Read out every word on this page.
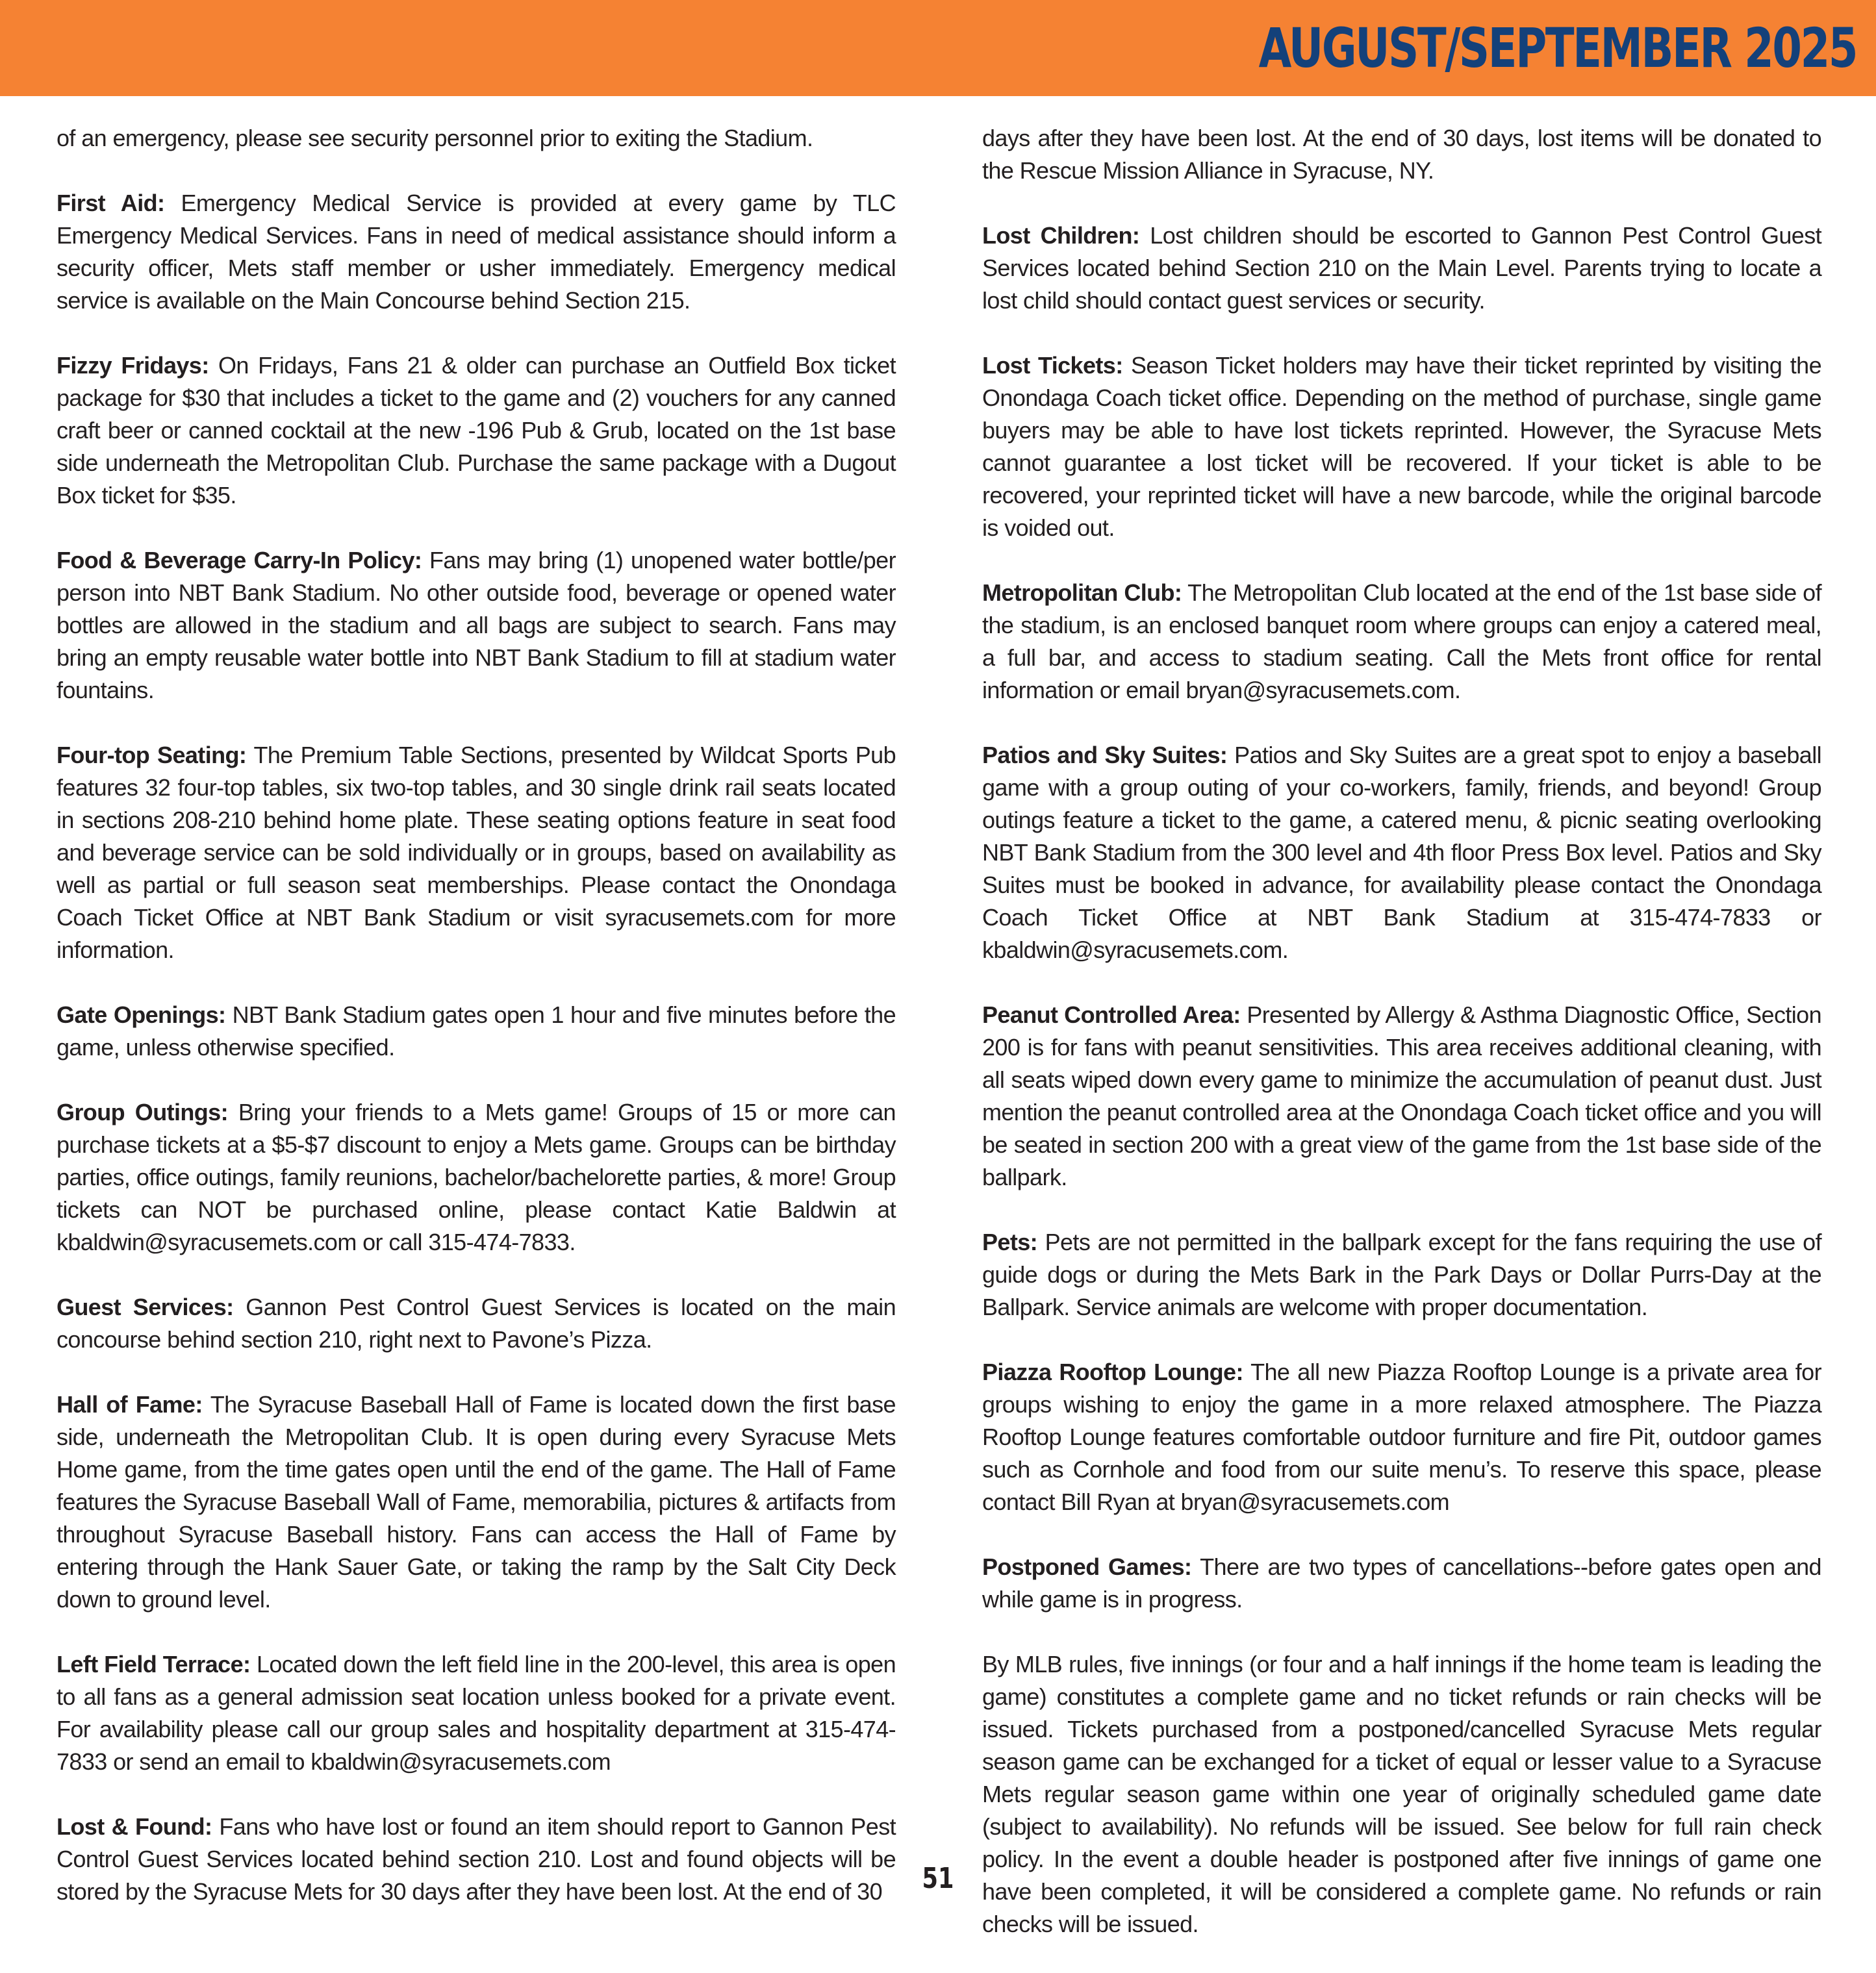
AUGUST/SEPTEMBER 2025

of an emergency, please see security personnel prior to exiting the Stadium.

First Aid: Emergency Medical Service is provided at every game by TLC Emergency Medical Services. Fans in need of medical assistance should inform a security officer, Mets staff member or usher immediately. Emergency medical service is available on the Main Concourse behind Section 215.

Fizzy Fridays: On Fridays, Fans 21 & older can purchase an Outfield Box ticket package for $30 that includes a ticket to the game and (2) vouchers for any canned craft beer or canned cocktail at the new -196 Pub & Grub, located on the 1st base side underneath the Metropolitan Club. Purchase the same package with a Dugout Box ticket for $35.

Food & Beverage Carry-In Policy: Fans may bring (1) unopened water bottle/per person into NBT Bank Stadium. No other outside food, beverage or opened water bottles are allowed in the stadium and all bags are subject to search. Fans may bring an empty reusable water bottle into NBT Bank Stadium to fill at stadium water fountains.

Four-top Seating: The Premium Table Sections, presented by Wildcat Sports Pub features 32 four-top tables, six two-top tables, and 30 single drink rail seats located in sections 208-210 behind home plate. These seating options feature in seat food and beverage service can be sold individually or in groups, based on availability as well as partial or full season seat memberships. Please contact the Onondaga Coach Ticket Office at NBT Bank Stadium or visit syracusemets.com for more information.

Gate Openings: NBT Bank Stadium gates open 1 hour and five minutes before the game, unless otherwise specified.

Group Outings: Bring your friends to a Mets game! Groups of 15 or more can purchase tickets at a $5-$7 discount to enjoy a Mets game. Groups can be birthday parties, office outings, family reunions, bachelor/bachelorette parties, & more! Group tickets can NOT be purchased online, please contact Katie Baldwin at kbaldwin@syracusemets.com or call 315-474-7833.

Guest Services: Gannon Pest Control Guest Services is located on the main concourse behind section 210, right next to Pavone’s Pizza.

Hall of Fame: The Syracuse Baseball Hall of Fame is located down the first base side, underneath the Metropolitan Club. It is open during every Syracuse Mets Home game, from the time gates open until the end of the game. The Hall of Fame features the Syracuse Baseball Wall of Fame, memorabilia, pictures & artifacts from throughout Syracuse Baseball history. Fans can access the Hall of Fame by entering through the Hank Sauer Gate, or taking the ramp by the Salt City Deck down to ground level.

Left Field Terrace: Located down the left field line in the 200-level, this area is open to all fans as a general admission seat location unless booked for a private event. For availability please call our group sales and hospitality department at 315-474-7833 or send an email to kbaldwin@syracusemets.com

Lost & Found: Fans who have lost or found an item should report to Gannon Pest Control Guest Services located behind section 210. Lost and found objects will be stored by the Syracuse Mets for 30 days after they have been lost. At the end of 30

days after they have been lost. At the end of 30 days, lost items will be donated to the Rescue Mission Alliance in Syracuse, NY.

Lost Children: Lost children should be escorted to Gannon Pest Control Guest Services located behind Section 210 on the Main Level. Parents trying to locate a lost child should contact guest services or security.

Lost Tickets: Season Ticket holders may have their ticket reprinted by visiting the Onondaga Coach ticket office. Depending on the method of purchase, single game buyers may be able to have lost tickets reprinted. However, the Syracuse Mets cannot guarantee a lost ticket will be recovered. If your ticket is able to be recovered, your reprinted ticket will have a new barcode, while the original barcode is voided out.

Metropolitan Club: The Metropolitan Club located at the end of the 1st base side of the stadium, is an enclosed banquet room where groups can enjoy a catered meal, a full bar, and access to stadium seating. Call the Mets front office for rental information or email bryan@syracusemets.com.

Patios and Sky Suites: Patios and Sky Suites are a great spot to enjoy a baseball game with a group outing of your co-workers, family, friends, and beyond! Group outings feature a ticket to the game, a catered menu, & picnic seating overlooking NBT Bank Stadium from the 300 level and 4th floor Press Box level. Patios and Sky Suites must be booked in advance, for availability please contact the Onondaga Coach Ticket Office at NBT Bank Stadium at 315-474-7833 or kbaldwin@syracusemets.com.

Peanut Controlled Area: Presented by Allergy & Asthma Diagnostic Office, Section 200 is for fans with peanut sensitivities. This area receives additional cleaning, with all seats wiped down every game to minimize the accumulation of peanut dust. Just mention the peanut controlled area at the Onondaga Coach ticket office and you will be seated in section 200 with a great view of the game from the 1st base side of the ballpark.

Pets: Pets are not permitted in the ballpark except for the fans requiring the use of guide dogs or during the Mets Bark in the Park Days or Dollar Purrs-Day at the Ballpark. Service animals are welcome with proper documentation.

Piazza Rooftop Lounge: The all new Piazza Rooftop Lounge is a private area for groups wishing to enjoy the game in a more relaxed atmosphere. The Piazza Rooftop Lounge features comfortable outdoor furniture and fire Pit, outdoor games such as Cornhole and food from our suite menu’s. To reserve this space, please contact Bill Ryan at bryan@syracusemets.com

Postponed Games: There are two types of cancellations--before gates open and while game is in progress.

By MLB rules, five innings (or four and a half innings if the home team is leading the game) constitutes a complete game and no ticket refunds or rain checks will be issued. Tickets purchased from a postponed/cancelled Syracuse Mets regular season game can be exchanged for a ticket of equal or lesser value to a Syracuse Mets regular season game within one year of originally scheduled game date (subject to availability). No refunds will be issued. See below for full rain check policy. In the event a double header is postponed after five innings of game one have been completed, it will be considered a complete game. No refunds or rain checks will be issued.

51
